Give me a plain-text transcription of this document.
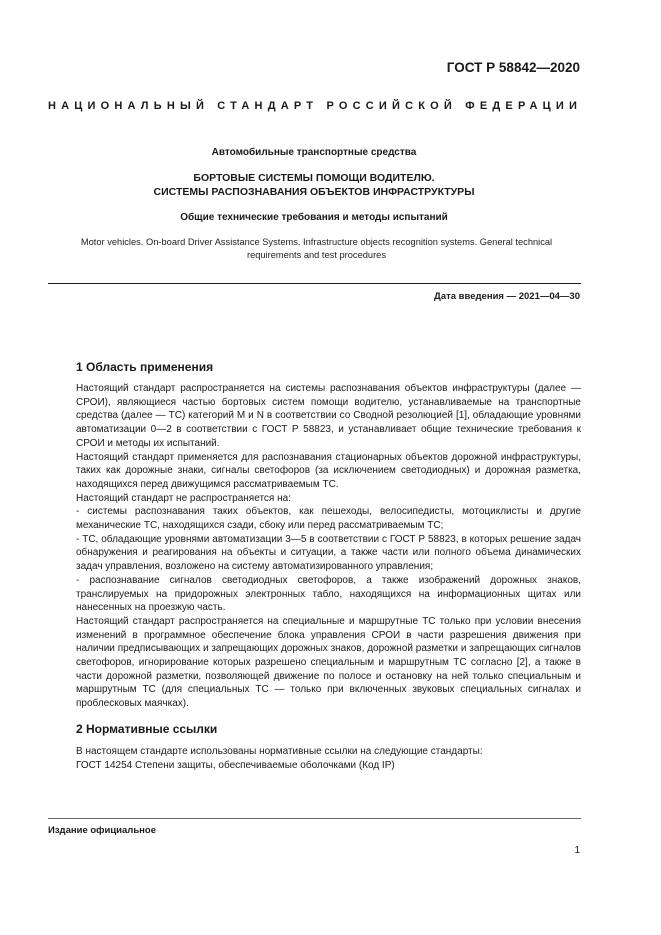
ГОСТ Р 58842—2020
НАЦИОНАЛЬНЫЙ СТАНДАРТ РОССИЙСКОЙ ФЕДЕРАЦИИ
Автомобильные транспортные средства
БОРТОВЫЕ СИСТЕМЫ ПОМОЩИ ВОДИТЕЛЮ.
СИСТЕМЫ РАСПОЗНАВАНИЯ ОБЪЕКТОВ ИНФРАСТРУКТУРЫ
Общие технические требования и методы испытаний
Motor vehicles. On-board Driver Assistance Systems. Infrastructure objects recognition systems. General technical requirements and test procedures
Дата введения — 2021—04—30
1 Область применения

Настоящий стандарт распространяется на системы распознавания объектов инфраструктуры (далее — СРОИ), являющиеся частью бортовых систем помощи водителю, устанавливаемые на транспортные средства (далее — ТС) категорий M и N в соответствии со Сводной резолюцией [1], обладающие уровнями автоматизации 0—2 в соответствии с ГОСТ Р 58823, и устанавливает общие технические требования к СРОИ и методы их испытаний.

Настоящий стандарт применяется для распознавания стационарных объектов дорожной инфраструктуры, таких как дорожные знаки, сигналы светофоров (за исключением светодиодных) и дорожная разметка, находящихся перед движущимся рассматриваемым ТС.

Настоящий стандарт не распространяется на:

- системы распознавания таких объектов, как пешеходы, велосипедисты, мотоциклисты и другие механические ТС, находящихся сзади, сбоку или перед рассматриваемым ТС;

- ТС, обладающие уровнями автоматизации 3—5 в соответствии с ГОСТ Р 58823, в которых решение задач обнаружения и реагирования на объекты и ситуации, а также части или полного объема динамических задач управления, возложено на систему автоматизированного управления;

- распознавание сигналов светодиодных светофоров, а также изображений дорожных знаков, транслируемых на придорожных электронных табло, находящихся на информационных щитах или нанесенных на проезжую часть.

Настоящий стандарт распространяется на специальные и маршрутные ТС только при условии внесения изменений в программное обеспечение блока управления СРОИ в части разрешения движения при наличии предписывающих и запрещающих дорожных знаков, дорожной разметки и запрещающих сигналов светофоров, игнорирование которых разрешено специальным и маршрутным ТС согласно [2], а также в части дорожной разметки, позволяющей движение по полосе и остановку на ней только специальным и маршрутным ТС (для специальных ТС — только при включенных звуковых специальных сигналах и проблесковых маячках).

2 Нормативные ссылки

В настоящем стандарте использованы нормативные ссылки на следующие стандарты:

ГОСТ 14254 Степени защиты, обеспечиваемые оболочками (Код IP)

Издание официальное
1
